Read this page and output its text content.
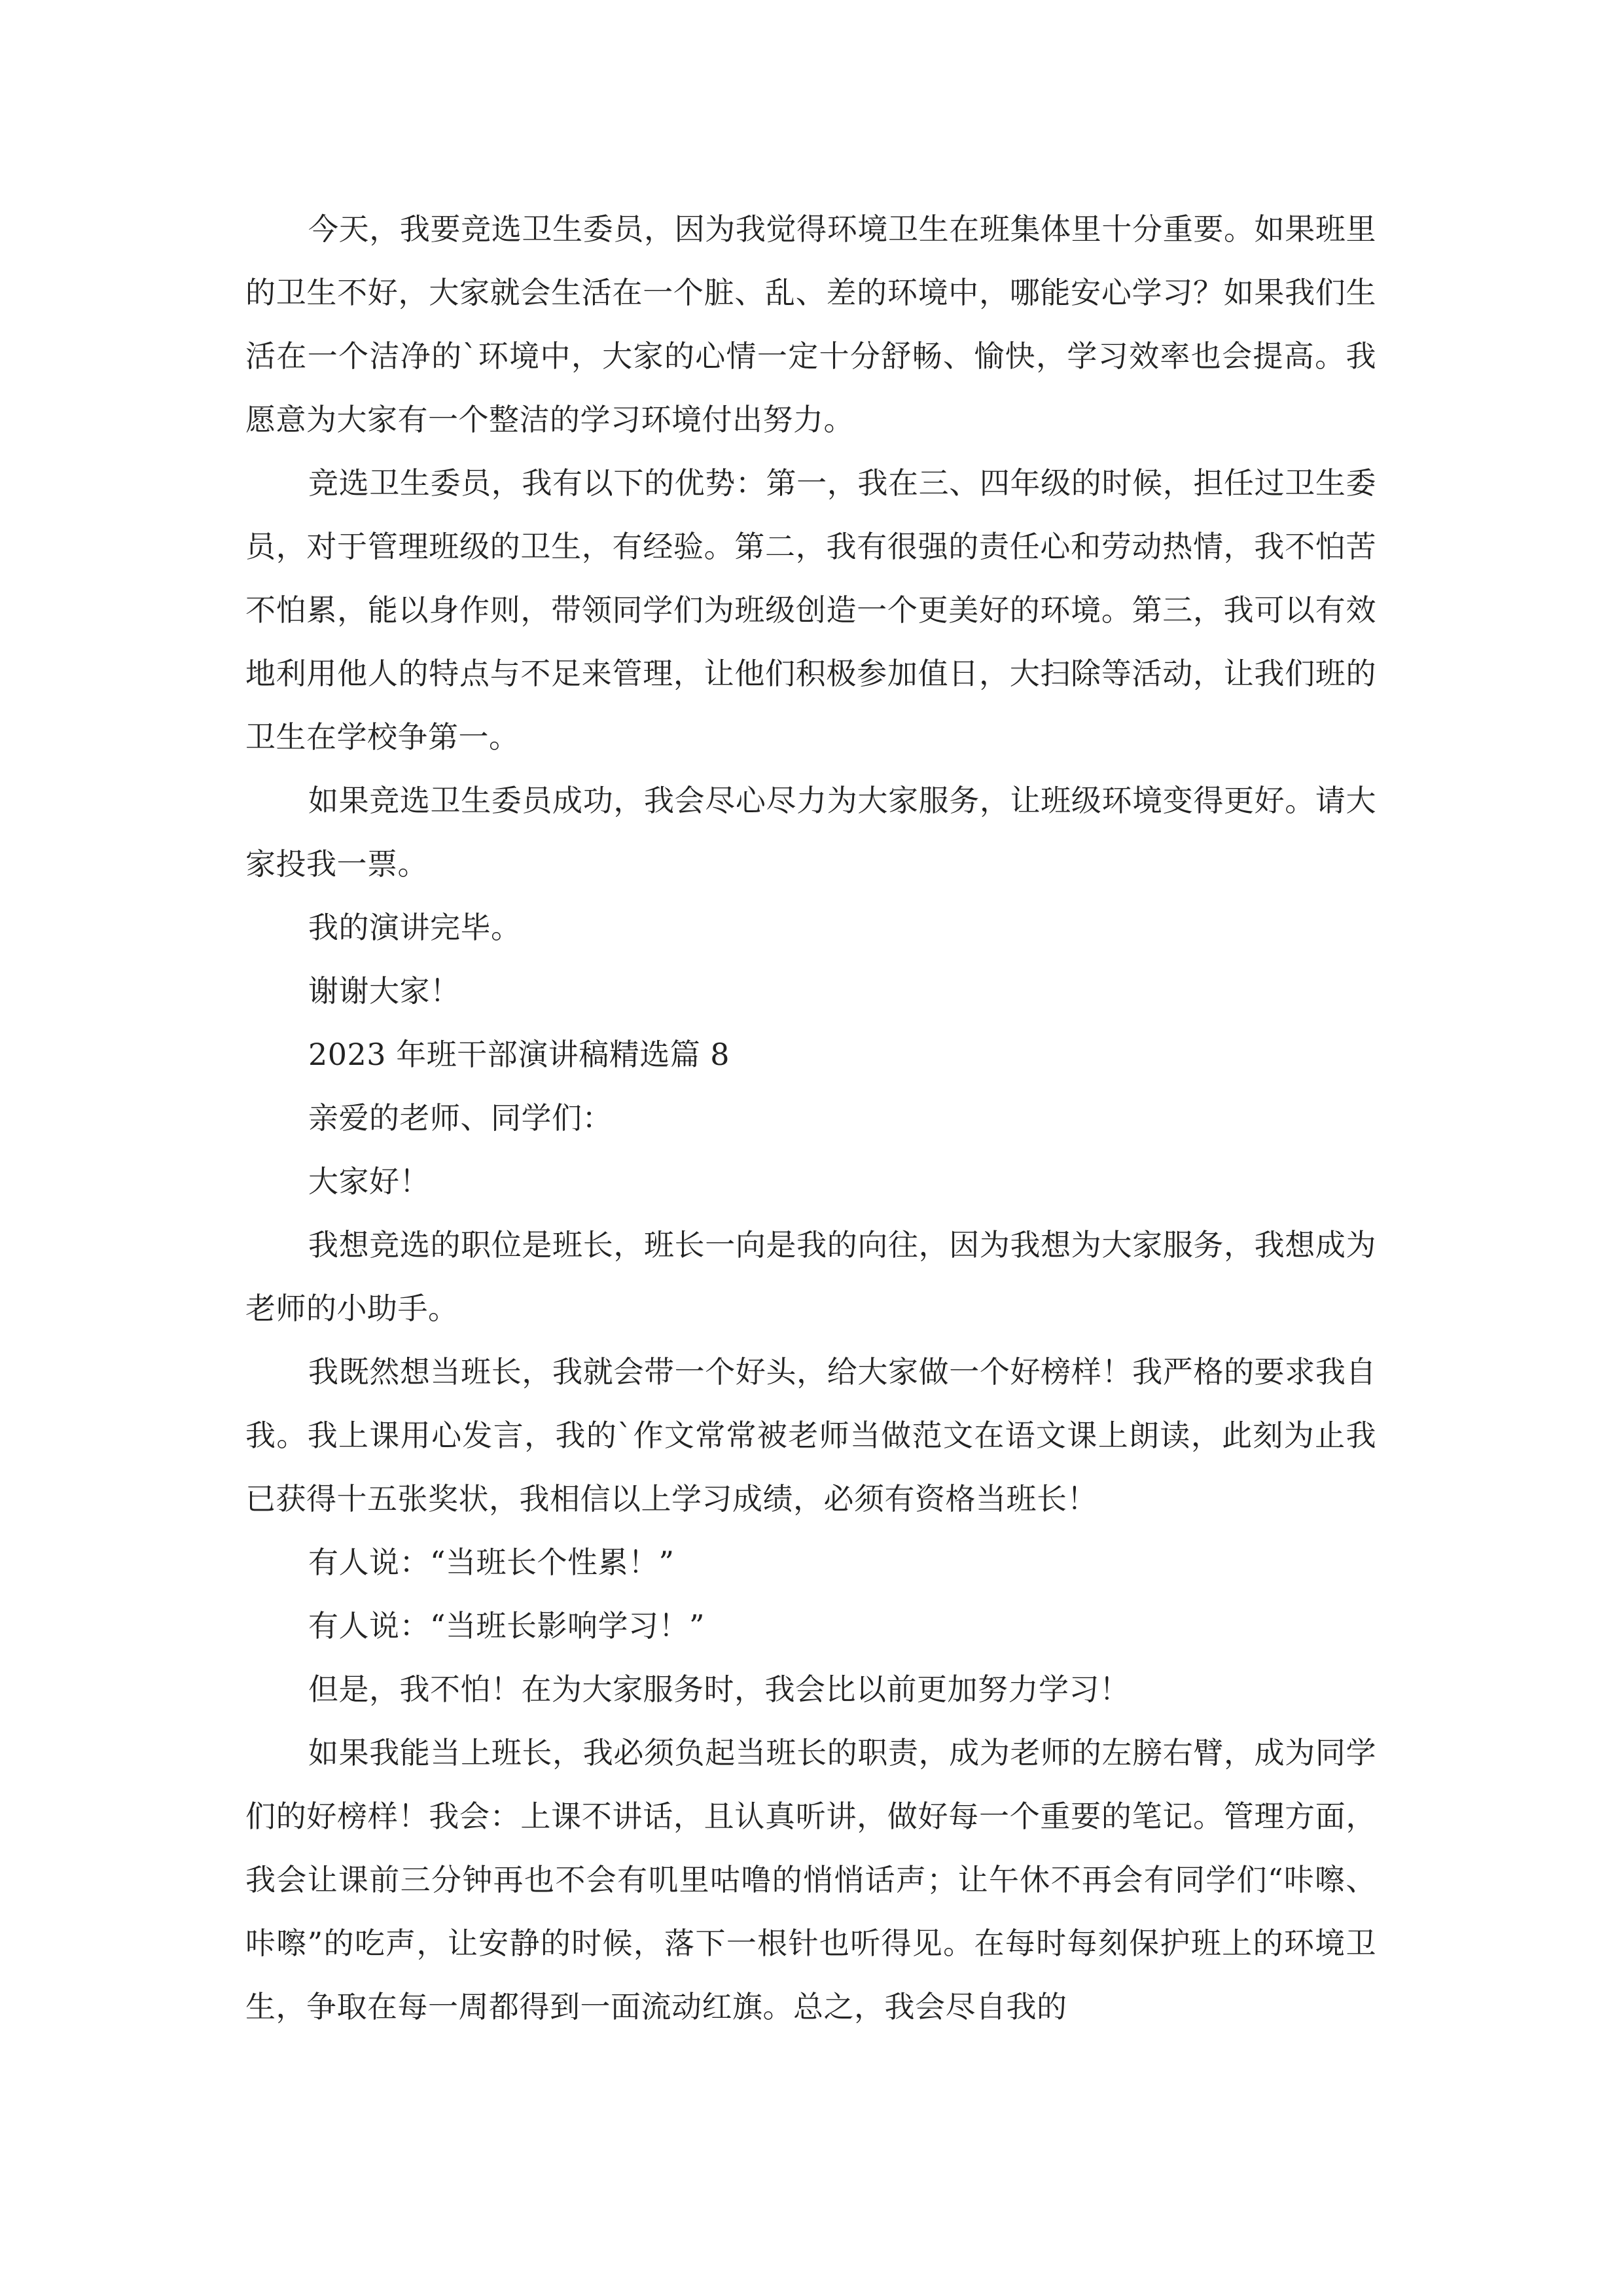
今天，我要竞选卫生委员，因为我觉得环境卫生在班集体里十分重要。如果班里的卫生不好，大家就会生活在一个脏、乱、差的环境中，哪能安心学习？如果我们生活在一个洁净的`环境中，大家的心情一定十分舒畅、愉快，学习效率也会提高。我愿意为大家有一个整洁的学习环境付出努力。

竞选卫生委员，我有以下的优势：第一，我在三、四年级的时候，担任过卫生委员，对于管理班级的卫生，有经验。第二，我有很强的责任心和劳动热情，我不怕苦不怕累，能以身作则，带领同学们为班级创造一个更美好的环境。第三，我可以有效地利用他人的特点与不足来管理，让他们积极参加值日，大扫除等活动，让我们班的卫生在学校争第一。

如果竞选卫生委员成功，我会尽心尽力为大家服务，让班级环境变得更好。请大家投我一票。

我的演讲完毕。

谢谢大家！

2023 年班干部演讲稿精选篇 8

亲爱的老师、同学们：

大家好！

我想竞选的职位是班长，班长一向是我的向往，因为我想为大家服务，我想成为老师的小助手。

我既然想当班长，我就会带一个好头，给大家做一个好榜样！我严格的要求我自我。我上课用心发言，我的`作文常常被老师当做范文在语文课上朗读，此刻为止我已获得十五张奖状，我相信以上学习成绩，必须有资格当班长！

有人说：“当班长个性累！”

有人说：“当班长影响学习！”

但是，我不怕！在为大家服务时，我会比以前更加努力学习！

如果我能当上班长，我必须负起当班长的职责，成为老师的左膀右臂，成为同学们的好榜样！我会：上课不讲话，且认真听讲，做好每一个重要的笔记。管理方面，我会让课前三分钟再也不会有叽里咕噜的悄悄话声；让午休不再会有同学们“咔嚓、咔嚓”的吃声，让安静的时候，落下一根针也听得见。在每时每刻保护班上的环境卫生，争取在每一周都得到一面流动红旗。总之，我会尽自我的
